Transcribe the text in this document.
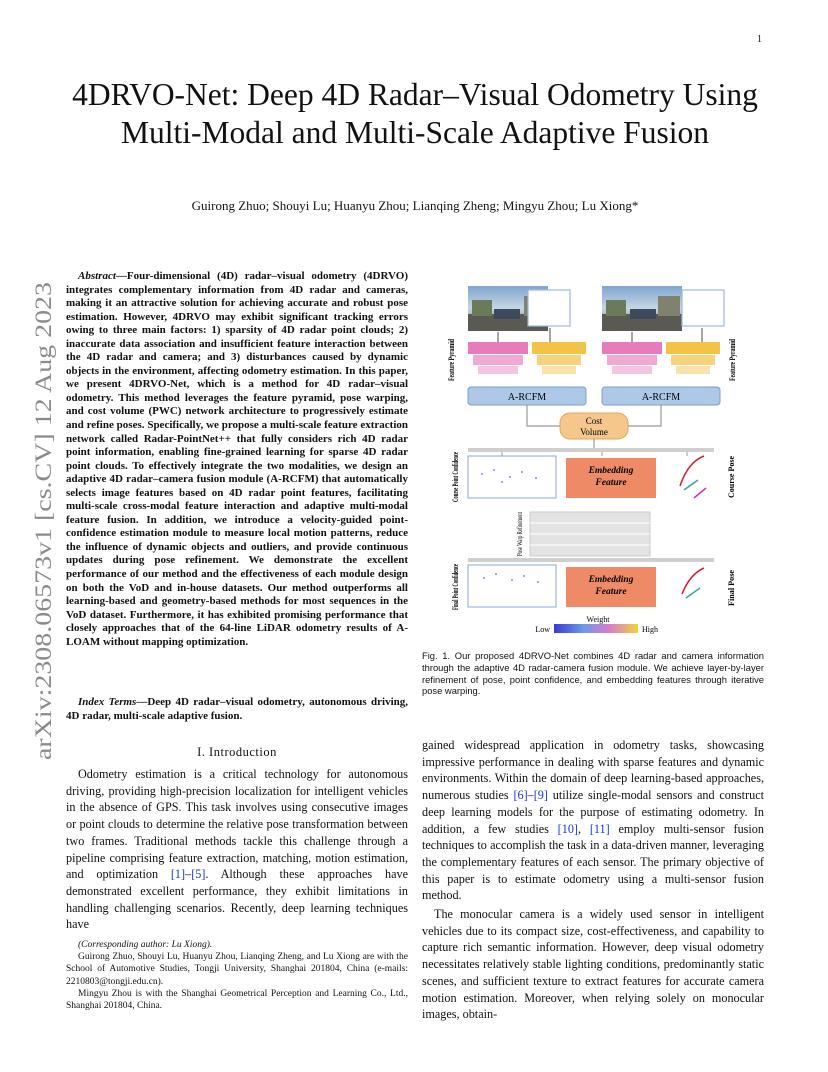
1
arXiv:2308.06573v1 [cs.CV] 12 Aug 2023
4DRVO-Net: Deep 4D Radar–Visual Odometry Using Multi-Modal and Multi-Scale Adaptive Fusion
Guirong Zhuo; Shouyi Lu; Huanyu Zhou; Lianqing Zheng; Mingyu Zhou; Lu Xiong*
Abstract—Four-dimensional (4D) radar–visual odometry (4DRVO) integrates complementary information from 4D radar and cameras, making it an attractive solution for achieving accurate and robust pose estimation. However, 4DRVO may exhibit significant tracking errors owing to three main factors: 1) sparsity of 4D radar point clouds; 2) inaccurate data association and insufficient feature interaction between the 4D radar and camera; and 3) disturbances caused by dynamic objects in the environment, affecting odometry estimation. In this paper, we present 4DRVO-Net, which is a method for 4D radar–visual odometry. This method leverages the feature pyramid, pose warping, and cost volume (PWC) network architecture to progressively estimate and refine poses. Specifically, we propose a multi-scale feature extraction network called Radar-PointNet++ that fully considers rich 4D radar point information, enabling fine-grained learning for sparse 4D radar point clouds. To effectively integrate the two modalities, we design an adaptive 4D radar–camera fusion module (A-RCFM) that automatically selects image features based on 4D radar point features, facilitating multi-scale cross-modal feature interaction and adaptive multi-modal feature fusion. In addition, we introduce a velocity-guided point-confidence estimation module to measure local motion patterns, reduce the influence of dynamic objects and outliers, and provide continuous updates during pose refinement. We demonstrate the excellent performance of our method and the effectiveness of each module design on both the VoD and in-house datasets. Our method outperforms all learning-based and geometry-based methods for most sequences in the VoD dataset. Furthermore, it has exhibited promising performance that closely approaches that of the 64-line LiDAR odometry results of A-LOAM without mapping optimization.
Index Terms—Deep 4D radar–visual odometry, autonomous driving, 4D radar, multi-scale adaptive fusion.
I. Introduction
Odometry estimation is a critical technology for autonomous driving, providing high-precision localization for intelligent vehicles in the absence of GPS. This task involves using consecutive images or point clouds to determine the relative pose transformation between two frames. Traditional methods tackle this challenge through a pipeline comprising feature extraction, matching, motion estimation, and optimization [1]–[5]. Although these approaches have demonstrated excellent performance, they exhibit limitations in handling challenging scenarios. Recently, deep learning techniques have

(Corresponding author: Lu Xiong).

Guirong Zhuo, Shouyi Lu, Huanyu Zhou, Lianqing Zheng, and Lu Xiong are with the School of Automotive Studies, Tongji University, Shanghai 201804, China (e-mails: 2210803@tongji.edu.cn).

Mingyu Zhou is with the Shanghai Geometrical Perception and Learning Co., Ltd., Shanghai 201804, China.

Feature Pyramid	Feature Pyramid
A-RCFM	A-RCFM
Cost Volume
Course Point Confidence	Embedding Feature	Course Pose
Pose Warp Refinement
Final Point Confidence	Embedding Feature	Final Pose
Weight
Low	High
Fig. 1. Our proposed 4DRVO-Net combines 4D radar and camera information through the adaptive 4D radar-camera fusion module. We achieve layer-by-layer refinement of pose, point confidence, and embedding features through iterative pose warping.

gained widespread application in odometry tasks, showcasing impressive performance in dealing with sparse features and dynamic environments. Within the domain of deep learning-based approaches, numerous studies [6]–[9] utilize single-modal sensors and construct deep learning models for the purpose of estimating odometry. In addition, a few studies [10], [11] employ multi-sensor fusion techniques to accomplish the task in a data-driven manner, leveraging the complementary features of each sensor. The primary objective of this paper is to estimate odometry using a multi-sensor fusion method.

The monocular camera is a widely used sensor in intelligent vehicles due to its compact size, cost-effectiveness, and capability to capture rich semantic information. However, deep visual odometry necessitates relatively stable lighting conditions, predominantly static scenes, and sufficient texture to extract features for accurate camera motion estimation. Moreover, when relying solely on monocular images, obtain-
